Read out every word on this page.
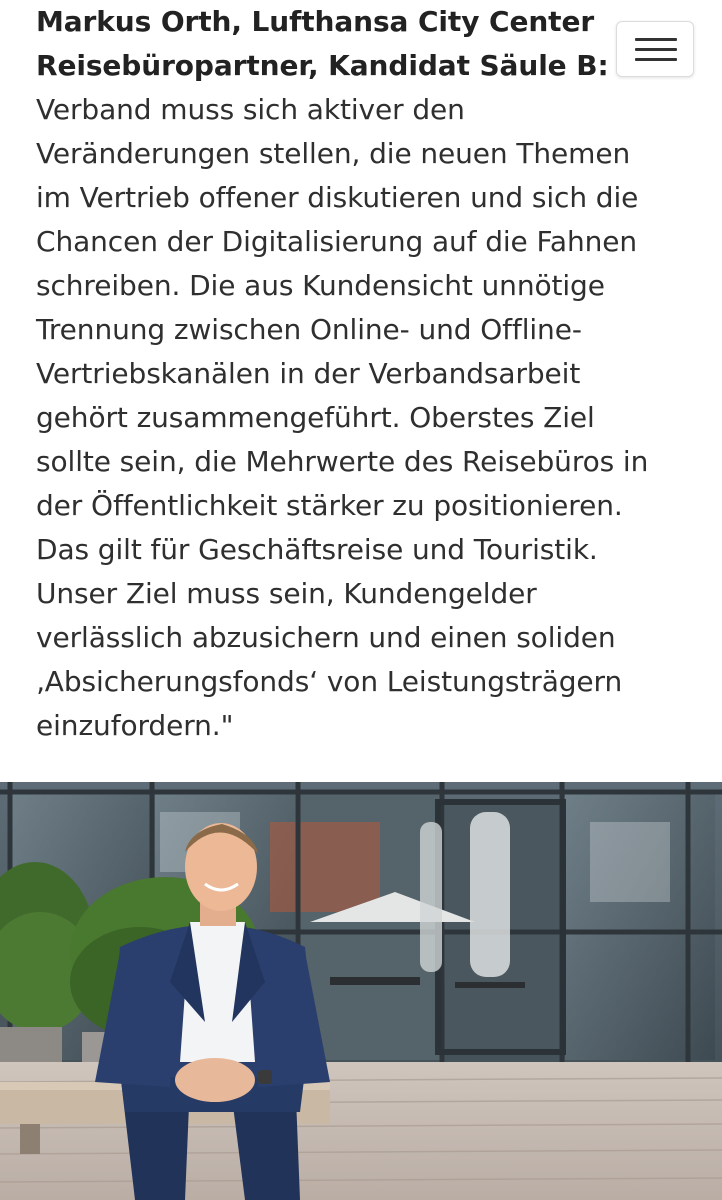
Markus Orth, Lufthansa City Center
Reisebüropartner, Kandidat Säule B:
Verband muss sich aktiver den
Veränderungen stellen, die neuen Themen
im Vertrieb offener diskutieren und sich die
Chancen der Digitalisierung auf die Fahnen
schreiben. Die aus Kundensicht unnötige
Trennung zwischen Online- und Offline-
Vertriebskanälen in der Verbandsarbeit
gehört zusammengeführt. Oberstes Ziel
sollte sein, die Mehrwerte des Reisebüros in
der Öffentlichkeit stärker zu positionieren.
Das gilt für Geschäftsreise und Touristik.
Unser Ziel muss sein, Kundengelder
verlässlich abzusichern und einen soliden
‚Absicherungsfonds‘ von Leistungsträgern
einzufordern."
